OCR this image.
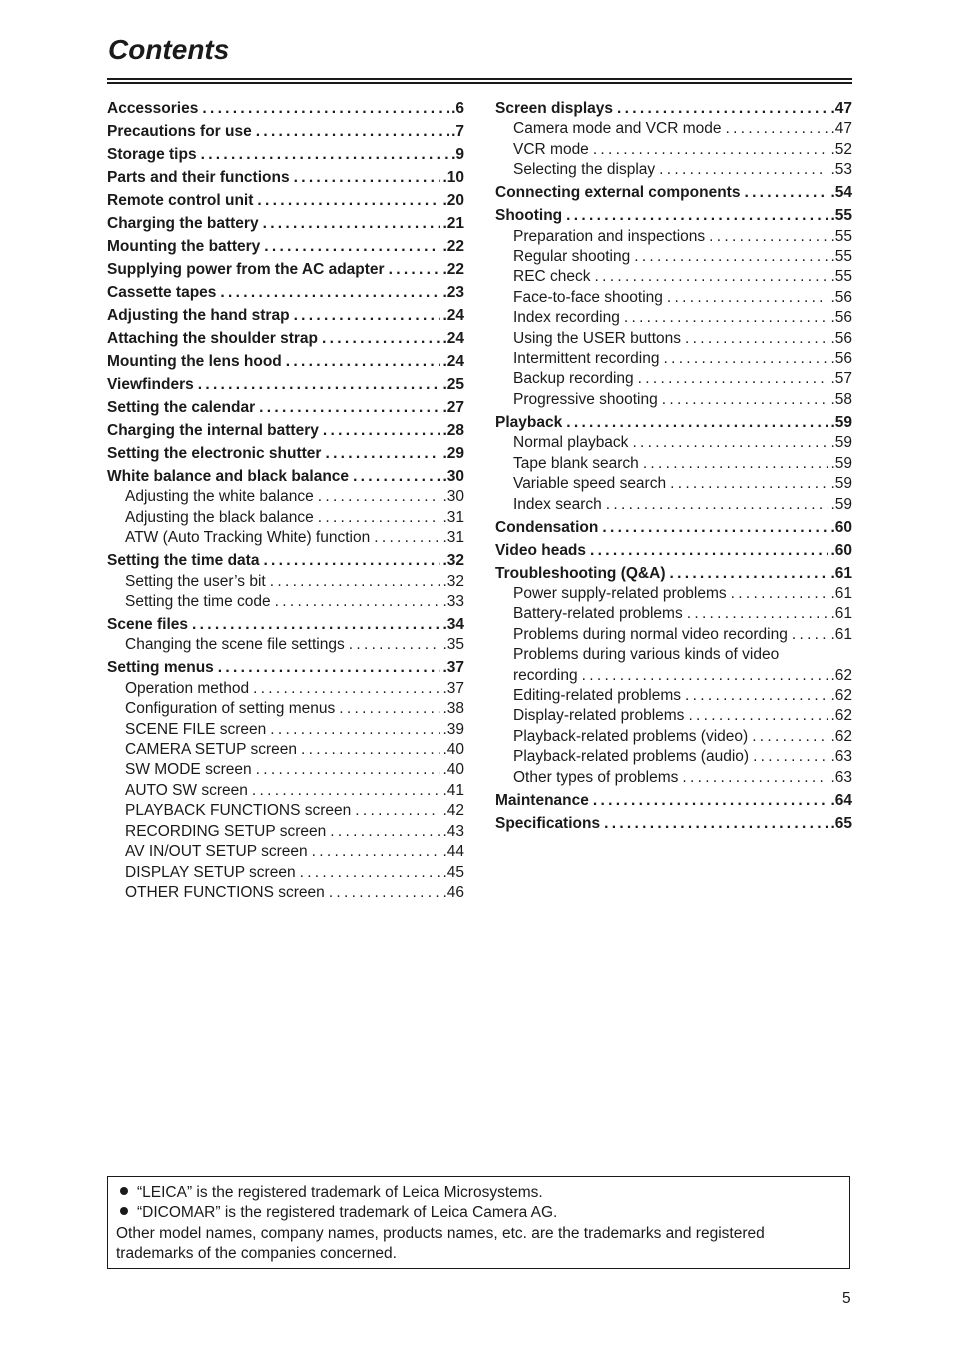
Contents
Accessories . . .	.6
Precautions for use . . .	.7
Storage tips . . .	.9
Parts and their functions . . .	.10
Remote control unit . . .	.20
Charging the battery . . .	.21
Mounting the battery . . .	.22
Supplying power from the AC adapter . . .	.22
Cassette tapes . . .	.23
Adjusting the hand strap . . .	.24
Attaching the shoulder strap . . .	.24
Mounting the lens hood . . .	.24
Viewfinders . . .	.25
Setting the calendar . . .	.27
Charging the internal battery . . .	.28
Setting the electronic shutter . . .	.29
White balance and black balance . . .	.30
Adjusting the white balance . . .	.30
Adjusting the black balance . . .	.31
ATW (Auto Tracking White) function . . .	.31
Setting the time data . . .	.32
Setting the user’s bit . . .	.32
Setting the time code . . .	.33
Scene files . . .	.34
Changing the scene file settings . . .	.35
Setting menus . . .	.37
Operation method . . .	.37
Configuration of setting menus . . .	.38
SCENE FILE screen . . .	.39
CAMERA SETUP screen . . .	.40
SW MODE screen . . .	.40
AUTO SW screen . . .	.41
PLAYBACK FUNCTIONS screen . . .	.42
RECORDING SETUP screen . . .	.43
AV IN/OUT SETUP screen . . .	.44
DISPLAY SETUP screen . . .	.45
OTHER FUNCTIONS screen . . .	.46
Screen displays . . .	.47
Camera mode and VCR mode . . .	.47
VCR mode . . .	.52
Selecting the display . . .	.53
Connecting external components . . .	.54
Shooting . . .	.55
Preparation and inspections . . .	.55
Regular shooting . . .	.55
REC check . . .	.55
Face-to-face shooting . . .	.56
Index recording . . .	.56
Using the USER buttons . . .	.56
Intermittent recording . . .	.56
Backup recording . . .	.57
Progressive shooting . . .	.58
Playback . . .	.59
Normal playback . . .	.59
Tape blank search . . .	.59
Variable speed search . . .	.59
Index search . . .	.59
Condensation . . .	.60
Video heads . . .	.60
Troubleshooting (Q&A) . . .	.61
Power supply-related problems . . .	.61
Battery-related problems . . .	.61
Problems during normal video recording . . .	.61
Problems during various kinds of video
recording . . .	.62
Editing-related problems . . .	.62
Display-related problems . . .	.62
Playback-related problems (video) . . .	.62
Playback-related problems (audio) . . .	.63
Other types of problems . . .	.63
Maintenance . . .	.64
Specifications . . .	.65
“LEICA” is the registered trademark of Leica Microsystems.
“DICOMAR” is the registered trademark of Leica Camera AG.
Other model names, company names, products names, etc. are the trademarks and registered trademarks of the companies concerned.
5
